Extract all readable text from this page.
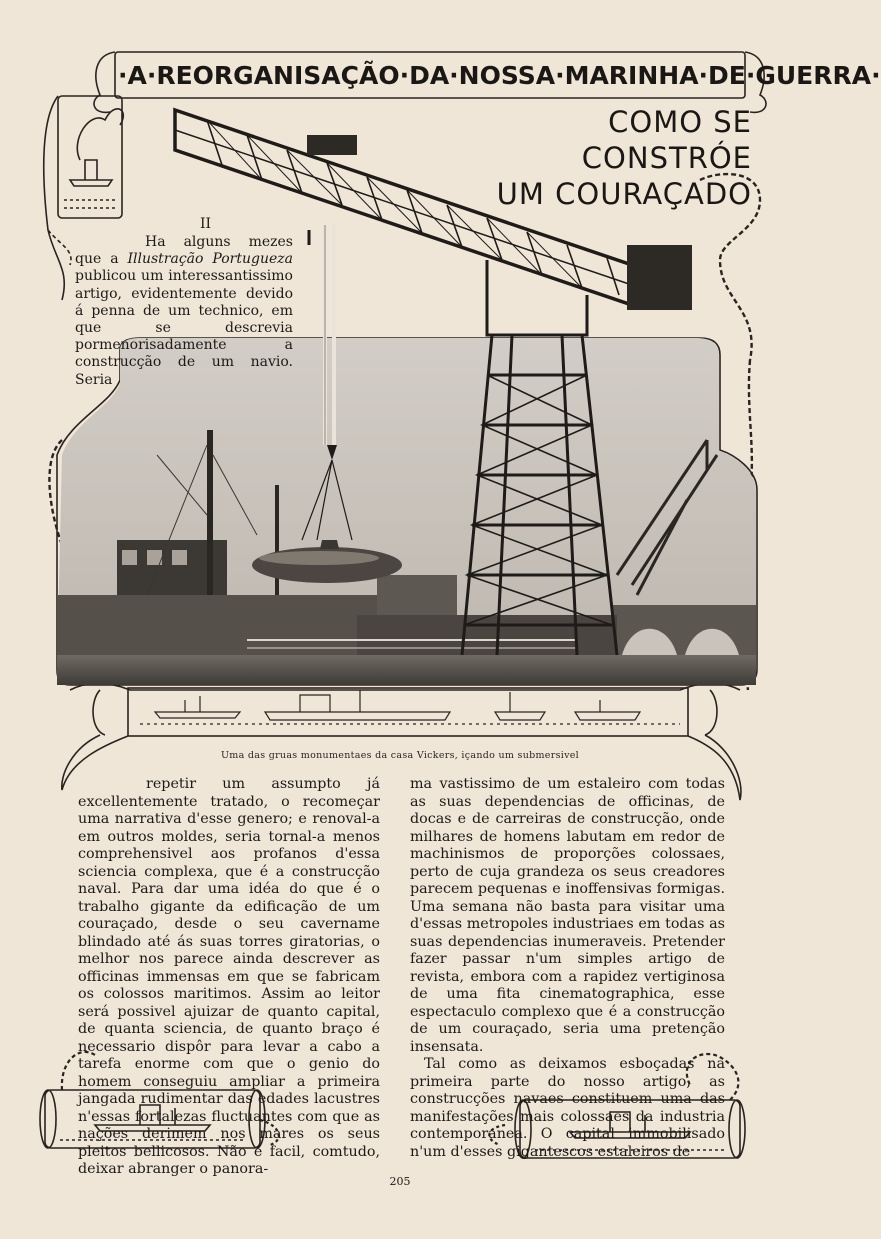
·A·REORGANISAÇÃO·DA·NOSSA·MARINHA·DE·GUERRA·
COMO SE CONSTRÓE
UM COURAÇADO
II
Ha alguns mezes que a Illustração Portugueza publicou um interessantissimo artigo, evidentemente devido á penna de um technico, em que se descrevia pormenorisadamente a construcção de um navio. Seria
Uma das gruas monumentaes da casa Vickers, içando um submersivel

repetir um assumpto já excellentemente tratado, o recomeçar uma narrativa d'esse genero; e renoval-a em outros moldes, seria tornal-a menos comprehensivel aos profanos d'essa sciencia complexa, que é a construcção naval. Para dar uma idéa do que é o trabalho gigante da edificação de um couraçado, desde o seu cavername blindado até ás suas torres giratorias, o melhor nos parece ainda descrever as officinas immensas em que se fabricam os colossos maritimos. Assim ao leitor será possivel ajuizar de quanto capital, de quanta sciencia, de quanto braço é necessario dispôr para levar a cabo a tarefa enorme com que o genio do homem conseguiu ampliar a primeira jangada rudimentar das edades lacustres n'essas fortalezas fluctuantes com que as nações derimem nos mares os seus pleitos bellicosos. Não é facil, comtudo, deixar abranger o panora-

ma vastissimo de um estaleiro com todas as suas dependencias de officinas, de docas e de carreiras de construcção, onde milhares de homens labutam em redor de machinismos de proporções colossaes, perto de cuja grandeza os seus creadores parecem pequenas e inoffensivas formigas. Uma semana não basta para visitar uma d'essas metropoles industriaes em todas as suas dependencias inumeraveis. Pretender fazer passar n'um simples artigo de revista, embora com a rapidez vertiginosa de uma fita cinematographica, esse espectaculo complexo que é a construcção de um couraçado, seria uma pretenção insensata.

Tal como as deixamos esboçadas na primeira parte do nosso artigo, as construcções navaes constituem uma das manifestações mais colossaes da industria contemporanea. O capital immobilisado n'um d'esses gigantescos estaleiros de

205
